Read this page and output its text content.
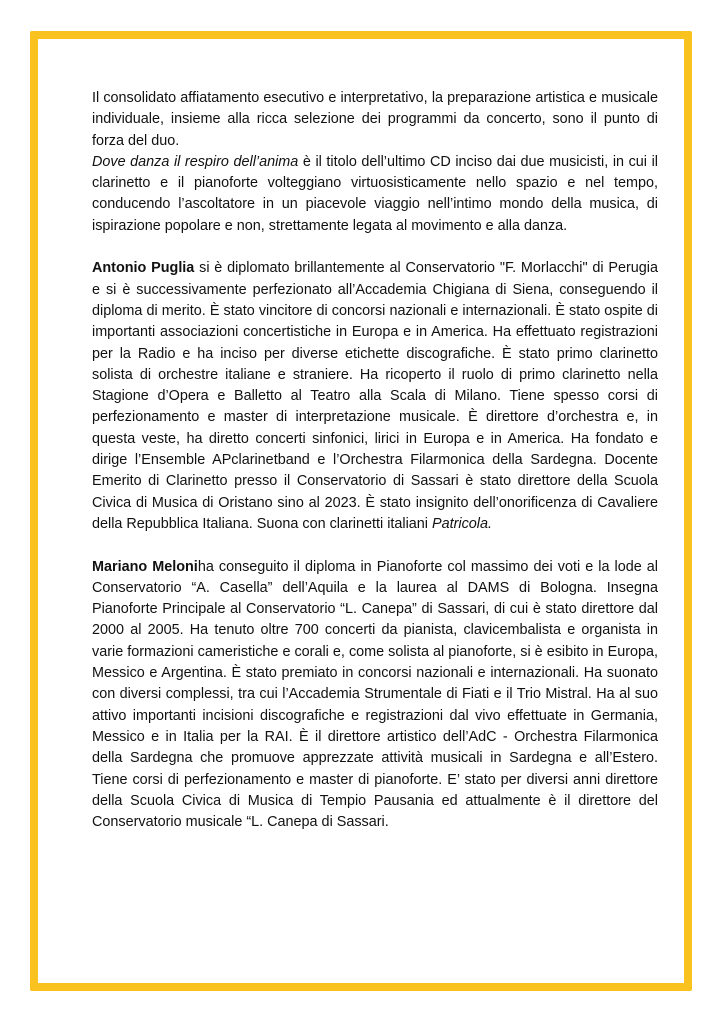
Il consolidato affiatamento esecutivo e interpretativo, la preparazione artistica e musicale individuale, insieme alla ricca selezione dei programmi da concerto, sono il punto di forza del duo.

Dove danza il respiro dell’anima è il titolo dell’ultimo CD inciso dai due musicisti, in cui il clarinetto e il pianoforte volteggiano virtuosisticamente nello spazio e nel tempo, conducendo l’ascoltatore in un piacevole viaggio nell’intimo mondo della musica, di ispirazione popolare e non, strettamente legata al movimento e alla danza.

Antonio Puglia si è diplomato brillantemente al Conservatorio "F. Morlacchi" di Perugia e si è successivamente perfezionato all’Accademia Chigiana di Siena, conseguendo il diploma di merito. È stato vincitore di concorsi nazionali e internazionali. È stato ospite di importanti associazioni concertistiche in Europa e in America. Ha effettuato registrazioni per la Radio e ha inciso per diverse etichette discografiche. È stato primo clarinetto solista di orchestre italiane e straniere. Ha ricoperto il ruolo di primo clarinetto nella Stagione d’Opera e Balletto al Teatro alla Scala di Milano. Tiene spesso corsi di perfezionamento e master di interpretazione musicale. È direttore d’orchestra e, in questa veste, ha diretto concerti sinfonici, lirici in Europa e in America. Ha fondato e dirige l’Ensemble APclarinetband e l’Orchestra Filarmonica della Sardegna. Docente Emerito di Clarinetto presso il Conservatorio di Sassari è stato direttore della Scuola Civica di Musica di Oristano sino al 2023. È stato insignito dell’onorificenza di Cavaliere della Repubblica Italiana. Suona con clarinetti italiani Patricola.

Mariano Meloniha conseguito il diploma in Pianoforte col massimo dei voti e la lode al Conservatorio “A. Casella” dell’Aquila e la laurea al DAMS di Bologna. Insegna Pianoforte Principale al Conservatorio “L. Canepa” di Sassari, di cui è stato direttore dal 2000 al 2005. Ha tenuto oltre 700 concerti da pianista, clavicembalista e organista in varie formazioni cameristiche e corali e, come solista al pianoforte, si è esibito in Europa, Messico e Argentina. È stato premiato in concorsi nazionali e internazionali. Ha suonato con diversi complessi, tra cui l’Accademia Strumentale di Fiati e il Trio Mistral. Ha al suo attivo importanti incisioni discografiche e registrazioni dal vivo effettuate in Germania, Messico e in Italia per la RAI. È il direttore artistico dell’AdC - Orchestra Filarmonica della Sardegna che promuove apprezzate attività musicali in Sardegna e all’Estero. Tiene corsi di perfezionamento e master di pianoforte. E’ stato per diversi anni direttore della Scuola Civica di Musica di Tempio Pausania ed attualmente è il direttore del Conservatorio musicale “L. Canepa di Sassari.
